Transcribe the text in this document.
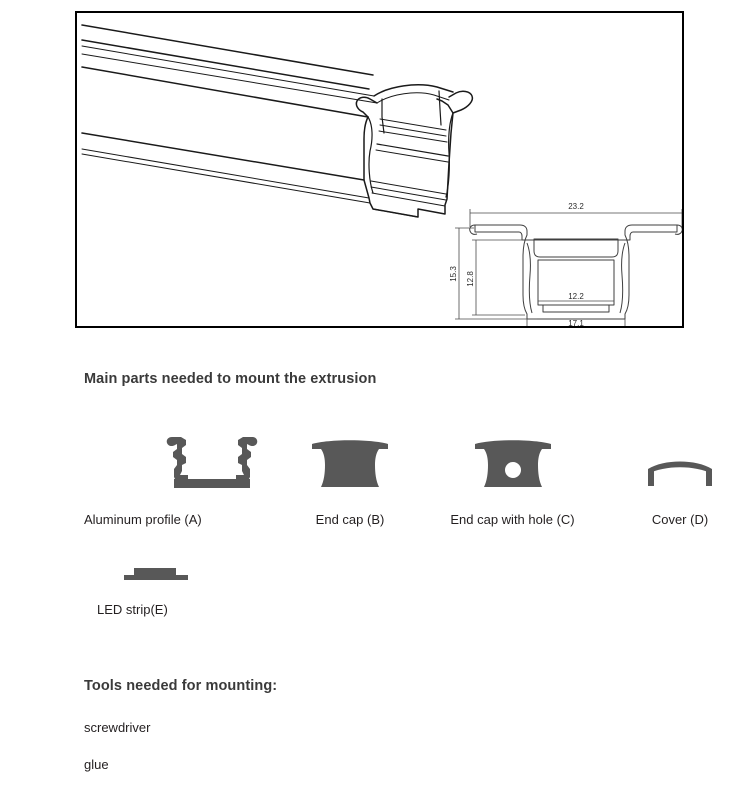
23.2
15.3 12.8
12.2
17.1
Main parts needed to mount the extrusion
Aluminum profile (A)	End cap (B)	End cap with hole (C)	Cover (D)
LED strip(E)
Tools needed for mounting:
screwdriver
glue
